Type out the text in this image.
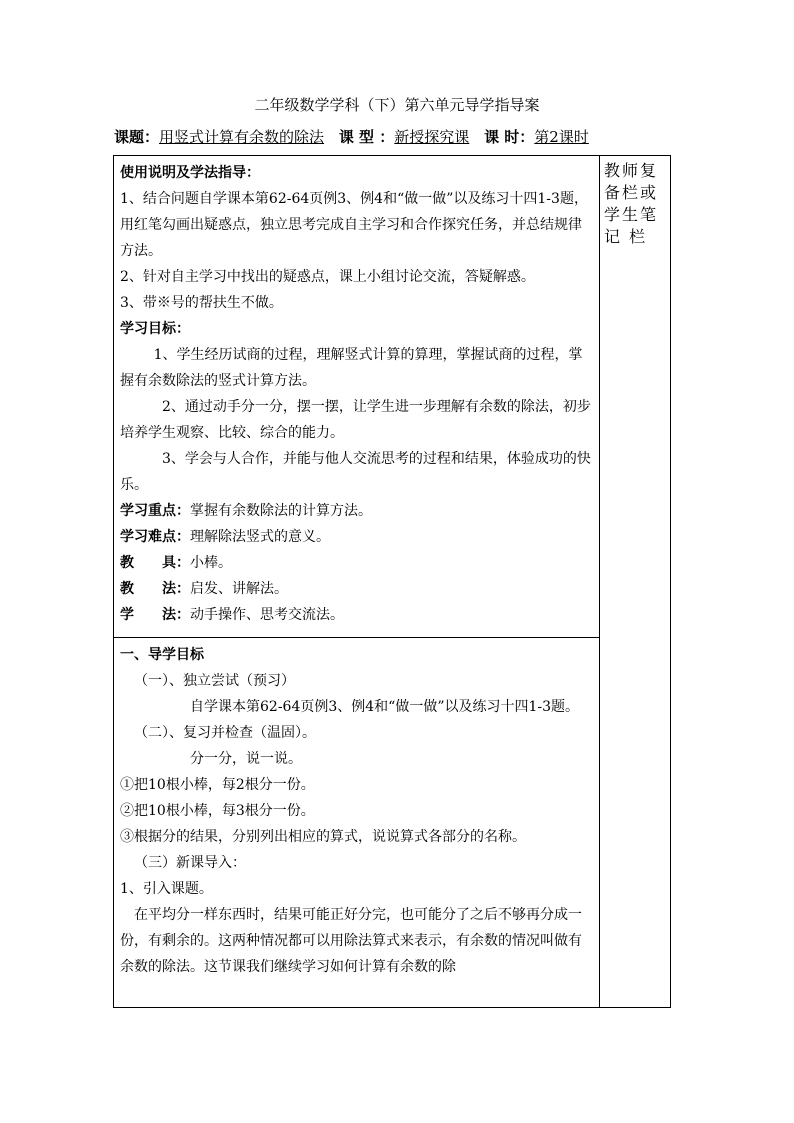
二年级数学学科（下）第六单元导学指导案
课题：用竖式计算有余数的除法 课 型 ：新授探究课 课 时：第2课时

使用说明及学法指导：

1、结合问题自学课本第62-64页例3、例4和“做一做”以及练习十四1-3题，用红笔勾画出疑惑点，独立思考完成自主学习和合作探究任务，并总结规律方法。

2、针对自主学习中找出的疑惑点，课上小组讨论交流，答疑解惑。

3、带※号的帮扶生不做。

学习目标：

1、学生经历试商的过程，理解竖式计算的算理，掌握试商的过程，掌握有余数除法的竖式计算方法。

2、通过动手分一分，摆一摆，让学生进一步理解有余数的除法，初步培养学生观察、比较、综合的能力。

3、学会与人合作，并能与他人交流思考的过程和结果，体验成功的快乐。

学习重点：掌握有余数除法的计算方法。

学习难点：理解除法竖式的意义。

教　　具：小棒。

教　　法：启发、讲解法。

学　　法：动手操作、思考交流法。

教师复备栏或学生笔记 栏

一、导学目标

（一）、独立尝试（预习）

自学课本第62-64页例3、例4和“做一做”以及练习十四1-3题。

（二）、复习并检查（温固）。

分一分，说一说。

①把10根小棒，每2根分一份。

②把10根小棒，每3根分一份。

③根据分的结果，分别列出相应的算式，说说算式各部分的名称。

（三）新课导入：

1、引入课题。

在平均分一样东西时，结果可能正好分完，也可能分了之后不够再分成一份，有剩余的。这两种情况都可以用除法算式来表示，有余数的情况叫做有余数的除法。这节课我们继续学习如何计算有余数的除
